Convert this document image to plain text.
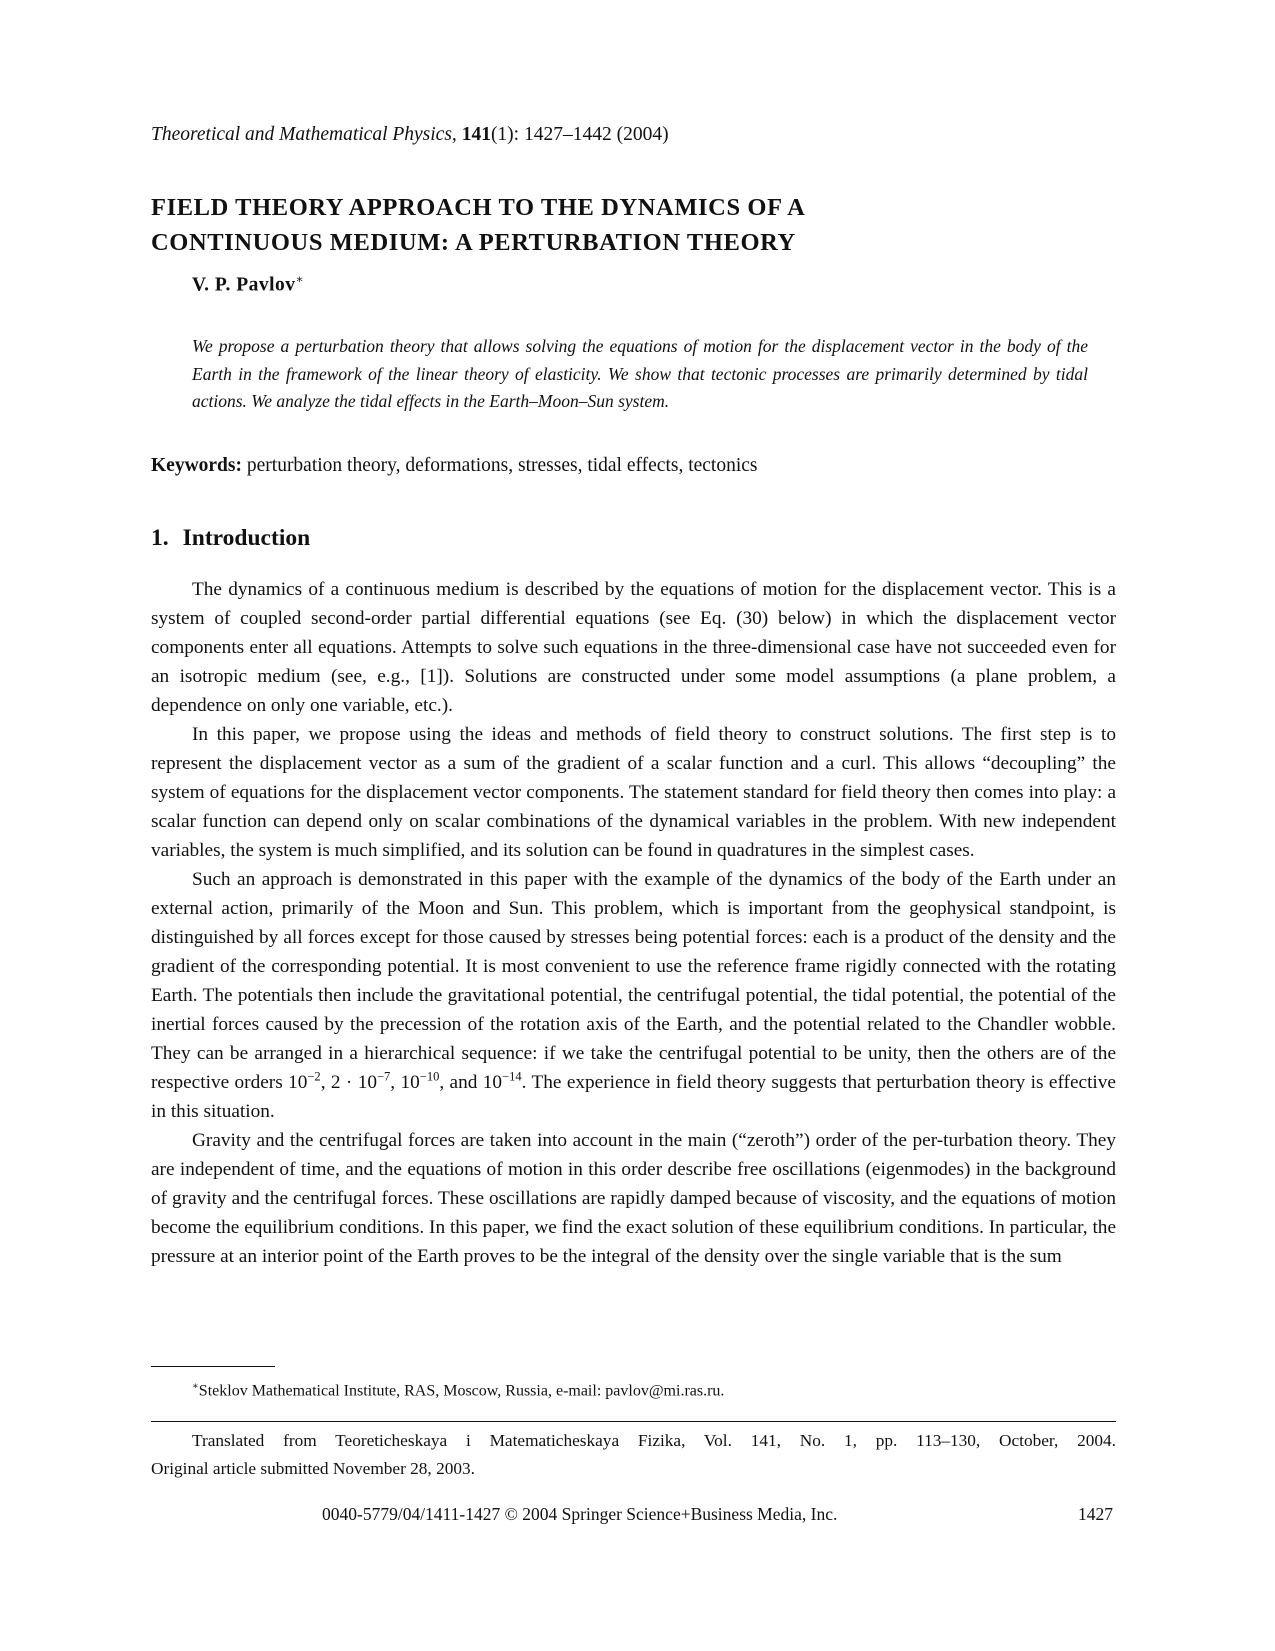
Theoretical and Mathematical Physics, 141(1): 1427–1442 (2004)
FIELD THEORY APPROACH TO THE DYNAMICS OF A
CONTINUOUS MEDIUM: A PERTURBATION THEORY
V. P. Pavlov∗
We propose a perturbation theory that allows solving the equations of motion for the displacement vector in the body of the Earth in the framework of the linear theory of elasticity. We show that tectonic processes are primarily determined by tidal actions. We analyze the tidal effects in the Earth–Moon–Sun system.
Keywords: perturbation theory, deformations, stresses, tidal effects, tectonics
1. Introduction

The dynamics of a continuous medium is described by the equations of motion for the displacement vector. This is a system of coupled second-order partial differential equations (see Eq. (30) below) in which the displacement vector components enter all equations. Attempts to solve such equations in the three-dimensional case have not succeeded even for an isotropic medium (see, e.g., [1]). Solutions are constructed under some model assumptions (a plane problem, a dependence on only one variable, etc.).

In this paper, we propose using the ideas and methods of field theory to construct solutions. The first step is to represent the displacement vector as a sum of the gradient of a scalar function and a curl. This allows “decoupling” the system of equations for the displacement vector components. The statement standard for field theory then comes into play: a scalar function can depend only on scalar combinations of the dynamical variables in the problem. With new independent variables, the system is much simplified, and its solution can be found in quadratures in the simplest cases.

Such an approach is demonstrated in this paper with the example of the dynamics of the body of the Earth under an external action, primarily of the Moon and Sun. This problem, which is important from the geophysical standpoint, is distinguished by all forces except for those caused by stresses being potential forces: each is a product of the density and the gradient of the corresponding potential. It is most convenient to use the reference frame rigidly connected with the rotating Earth. The potentials then include the gravitational potential, the centrifugal potential, the tidal potential, the potential of the inertial forces caused by the precession of the rotation axis of the Earth, and the potential related to the Chandler wobble. They can be arranged in a hierarchical sequence: if we take the centrifugal potential to be unity, then the others are of the respective orders $10^{-2}$, $2 \cdot 10^{-7}$, $10^{-10}$, and $10^{-14}$. The experience in field theory suggests that perturbation theory is effective in this situation.

Gravity and the centrifugal forces are taken into account in the main (“zeroth”) order of the per-turbation theory. They are independent of time, and the equations of motion in this order describe free oscillations (eigenmodes) in the background of gravity and the centrifugal forces. These oscillations are rapidly damped because of viscosity, and the equations of motion become the equilibrium conditions. In this paper, we find the exact solution of these equilibrium conditions. In particular, the pressure at an interior point of the Earth proves to be the integral of the density over the single variable that is the sum

∗Steklov Mathematical Institute, RAS, Moscow, Russia, e-mail: pavlov@mi.ras.ru.
Translated from Teoreticheskaya i Matematicheskaya Fizika, Vol. 141, No. 1, pp. 113–130, October, 2004.
Original article submitted November 28, 2003.
0040-5779/04/1411-1427 © 2004 Springer Science+Business Media, Inc.	1427
